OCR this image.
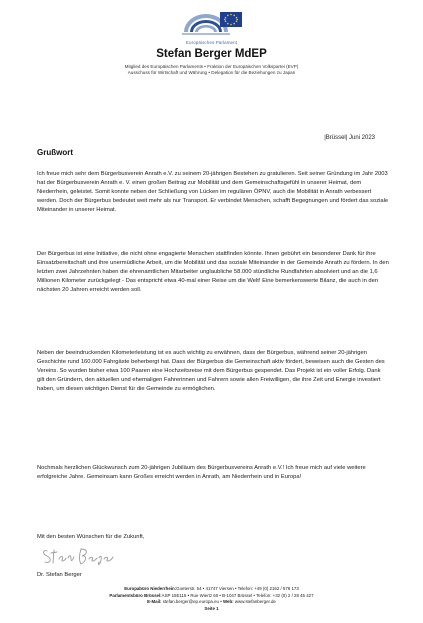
Europäisches Parlament
Stefan Berger MdEP
Mitglied des Europäischen Parlaments • Fraktion der Europäischen Volkspartei (EVP)
Ausschuss für Wirtschaft und Währung • Delegation für die Beziehungen zu Japan
|Brüssel| Juni 2023
Grußwort

Ich freue mich sehr dem Bürgerbusverein Anrath e.V. zu seinem 20-jährigen Bestehen zu gratulieren. Seit seiner Gründung im Jahr 2003 hat der Bürgerbusverein Anrath e. V. einen großen Beitrag zur Mobilität und dem Gemeinschaftsgefühl in unserer Heimat, dem Niederrhein, geleistet. Somit konnte neben der Schließung von Lücken im regulären ÖPNV, auch die Mobilität in Anrath verbessert werden. Doch der Bürgerbus bedeutet weit mehr als nur Transport. Er verbindet Menschen, schafft Begegnungen und fördert das soziale Miteinander in unserer Heimat.

Der Bürgerbus ist eine Initiative, die nicht ohne engagierte Menschen stattfinden könnte. Ihnen gebührt ein besonderer Dank für ihre Einsatzbereitschaft und ihre unermüdliche Arbeit, um die Mobilität und das soziale Miteinander in der Gemeinde Anrath zu fördern. In den letzten zwei Jahrzehnten haben die ehrenamtlichen Mitarbeiter unglaubliche 58.000 stündliche Rundfahrten absolviert und an die 1,6 Millionen Kilometer zurückgelegt - Das entspricht etwa 40-mal einer Reise um die Welt! Eine bemerkenswerte Bilanz, die auch in den nächsten 20 Jahren erreicht werden soll.

Neben der beeindruckenden Kilometerleistung ist es auch wichtig zu erwähnen, dass der Bürgerbus, während seiner 20-jährigen Geschichte rund 160.000 Fahrgäste beherbergt hat. Dass der Bürgerbus die Gemeinschaft aktiv fördert, beweisen auch die Gesten des Vereins. So wurden bisher etwa 100 Paaren eine Hochzeitsreise mit dem Bürgerbus gespendet. Das Projekt ist ein voller Erfolg. Dank gilt den Gründern, den aktuellen und ehemaligen Fahrerinnen und Fahrern sowie allen Freiwilligen, die ihre Zeit und Energie investiert haben, um diesen wichtigen Dienst für die Gemeinde zu ermöglichen.

Nochmals herzlichen Glückwunsch zum 20-jährigen Jubiläum des Bürgerbusvereins Anrath e.V.! Ich freue mich auf viele weitere erfolgreiche Jahre. Gemeinsam kann Großes erreicht werden in Anrath, am Niederrhein und in Europa!

Mit den besten Wünschen für die Zukunft,
Dr. Stefan Berger
Europabüro Niederrhein:Goeterstr. 54 • 41747 Viersen • Telefon: +49 (0) 2162 / 578 173
Parlamentsbüro Brüssel:ASP 15E115 • Rue Wiertz 60 • B-1047 Brüssel • Telefon: +32 (0) 2 / 28 45 427
E-Mail: stefan.berger@ep.europa.eu • Web: www.stefanberger.de
Seite 1
